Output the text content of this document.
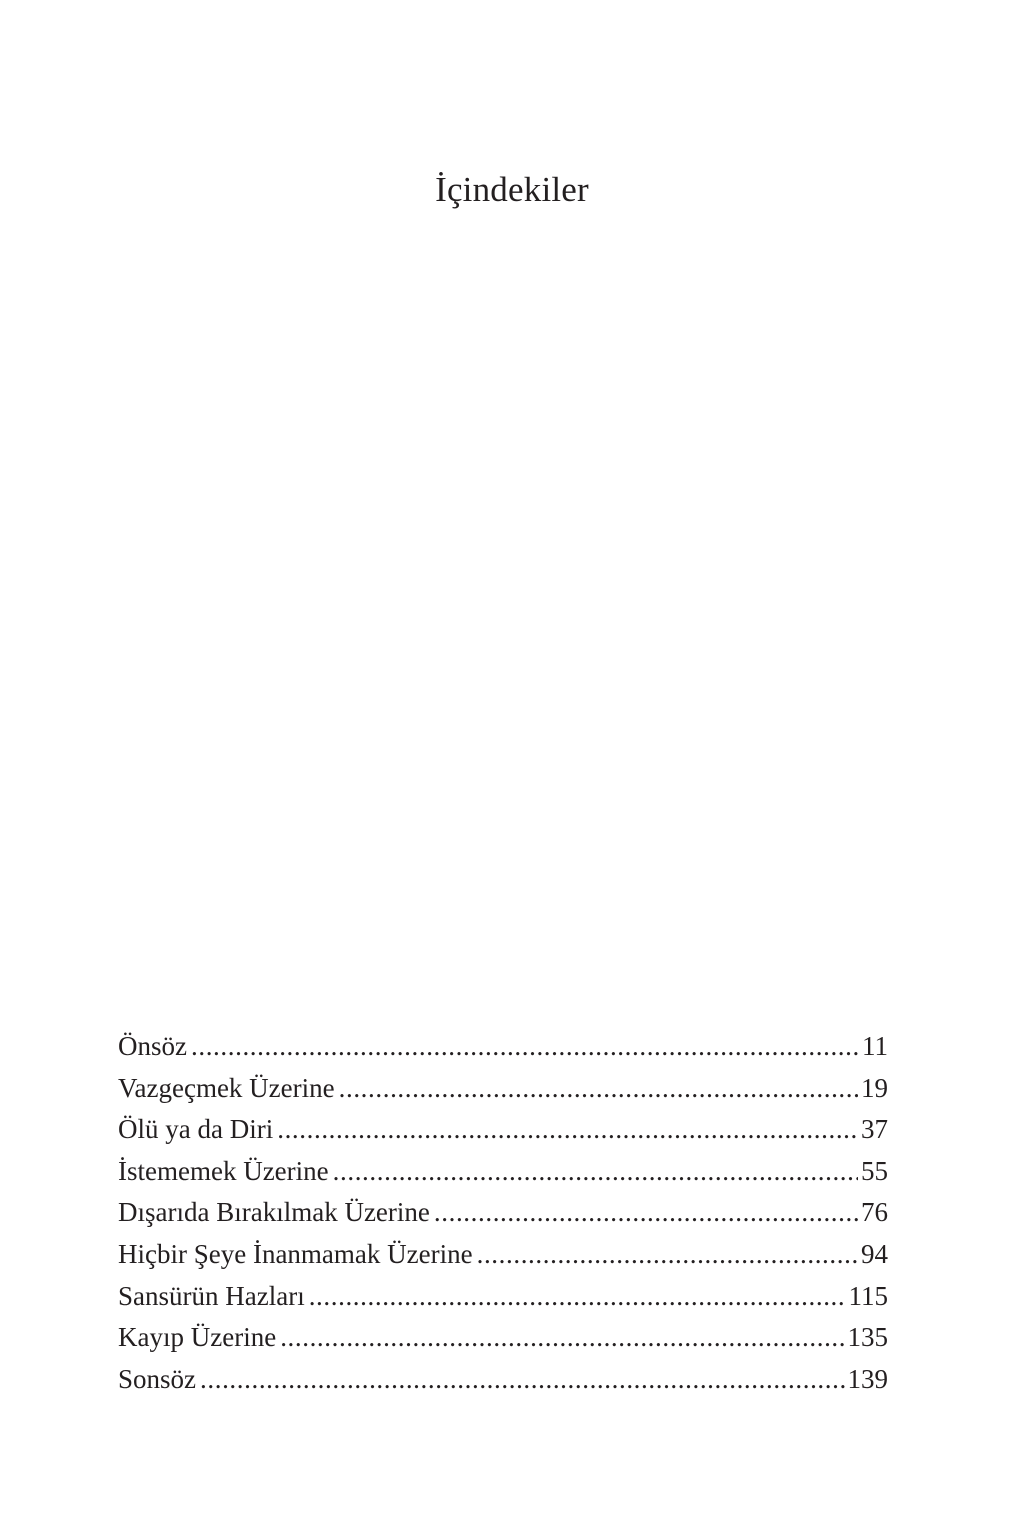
İçindekiler
Önsöz .....	11
Vazgeçmek Üzerine .....	19
Ölü ya da Diri .....	37
İstememek Üzerine .....	55
Dışarıda Bırakılmak Üzerine .....	76
Hiçbir Şeye İnanmamak Üzerine .....	94
Sansürün Hazları .....	115
Kayıp Üzerine .....	135
Sonsöz .....	139
